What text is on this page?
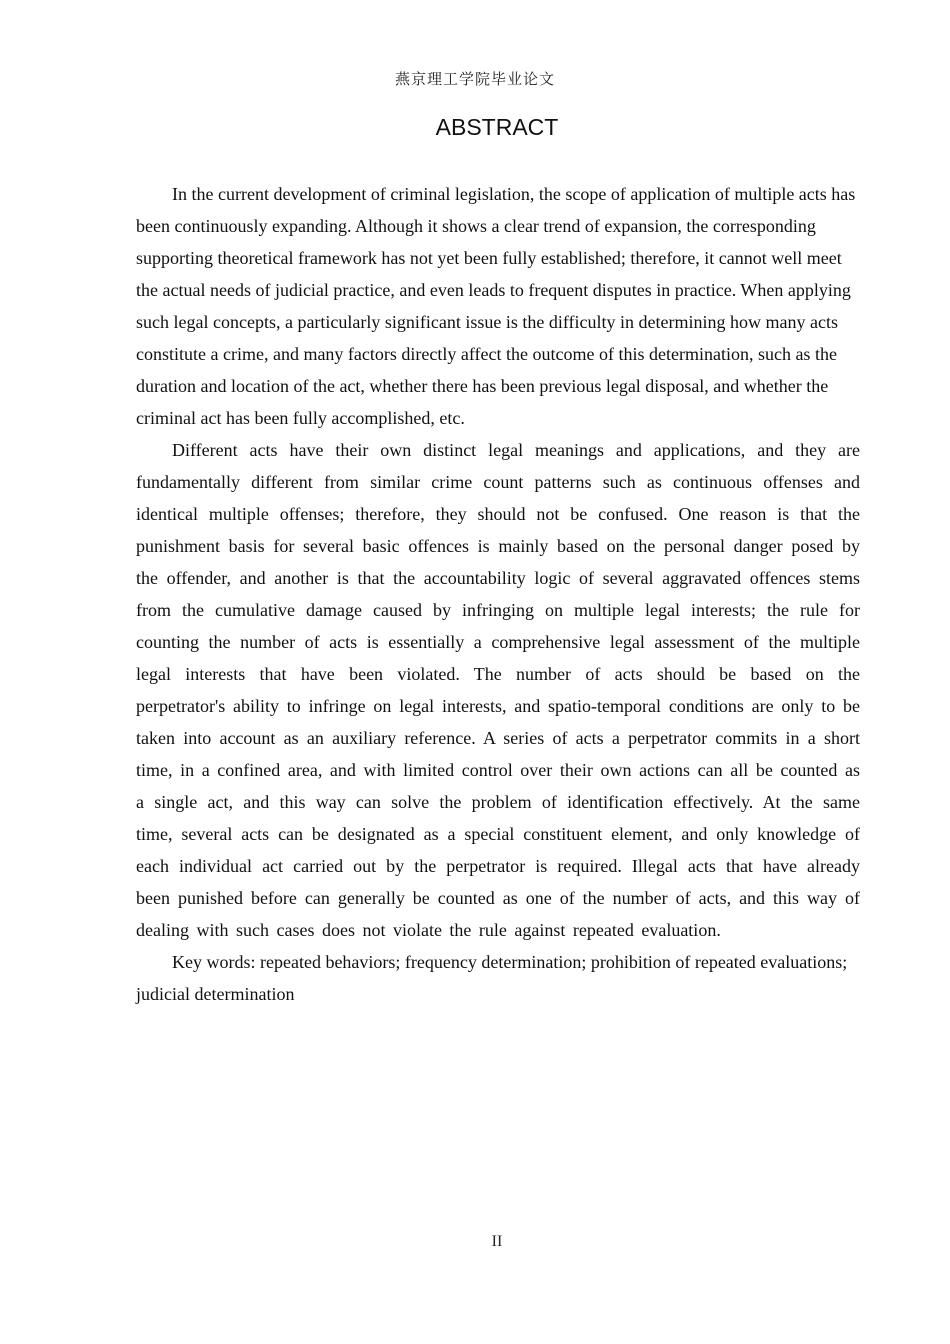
燕京理工学院毕业论文
ABSTRACT

In the current development of criminal legislation, the scope of application of multiple acts has been continuously expanding. Although it shows a clear trend of expansion, the corresponding supporting theoretical framework has not yet been fully established; therefore, it cannot well meet the actual needs of judicial practice, and even leads to frequent disputes in practice. When applying such legal concepts, a particularly significant issue is the difficulty in determining how many acts constitute a crime, and many factors directly affect the outcome of this determination, such as the duration and location of the act, whether there has been previous legal disposal, and whether the criminal act has been fully accomplished, etc.

Different acts have their own distinct legal meanings and applications, and they are fundamentally different from similar crime count patterns such as continuous offenses and identical multiple offenses; therefore, they should not be confused. One reason is that the punishment basis for several basic offences is mainly based on the personal danger posed by the offender, and another is that the accountability logic of several aggravated offences stems from the cumulative damage caused by infringing on multiple legal interests; the rule for counting the number of acts is essentially a comprehensive legal assessment of the multiple legal interests that have been violated. The number of acts should be based on the perpetrator's ability to infringe on legal interests, and spatio-temporal conditions are only to be taken into account as an auxiliary reference. A series of acts a perpetrator commits in a short time, in a confined area, and with limited control over their own actions can all be counted as a single act, and this way can solve the problem of identification effectively. At the same time, several acts can be designated as a special constituent element, and only knowledge of each individual act carried out by the perpetrator is required. Illegal acts that have already been punished before can generally be counted as one of the number of acts, and this way of dealing with such cases does not violate the rule against repeated evaluation.

Key words: repeated behaviors; frequency determination; prohibition of repeated evaluations; judicial determination

II
